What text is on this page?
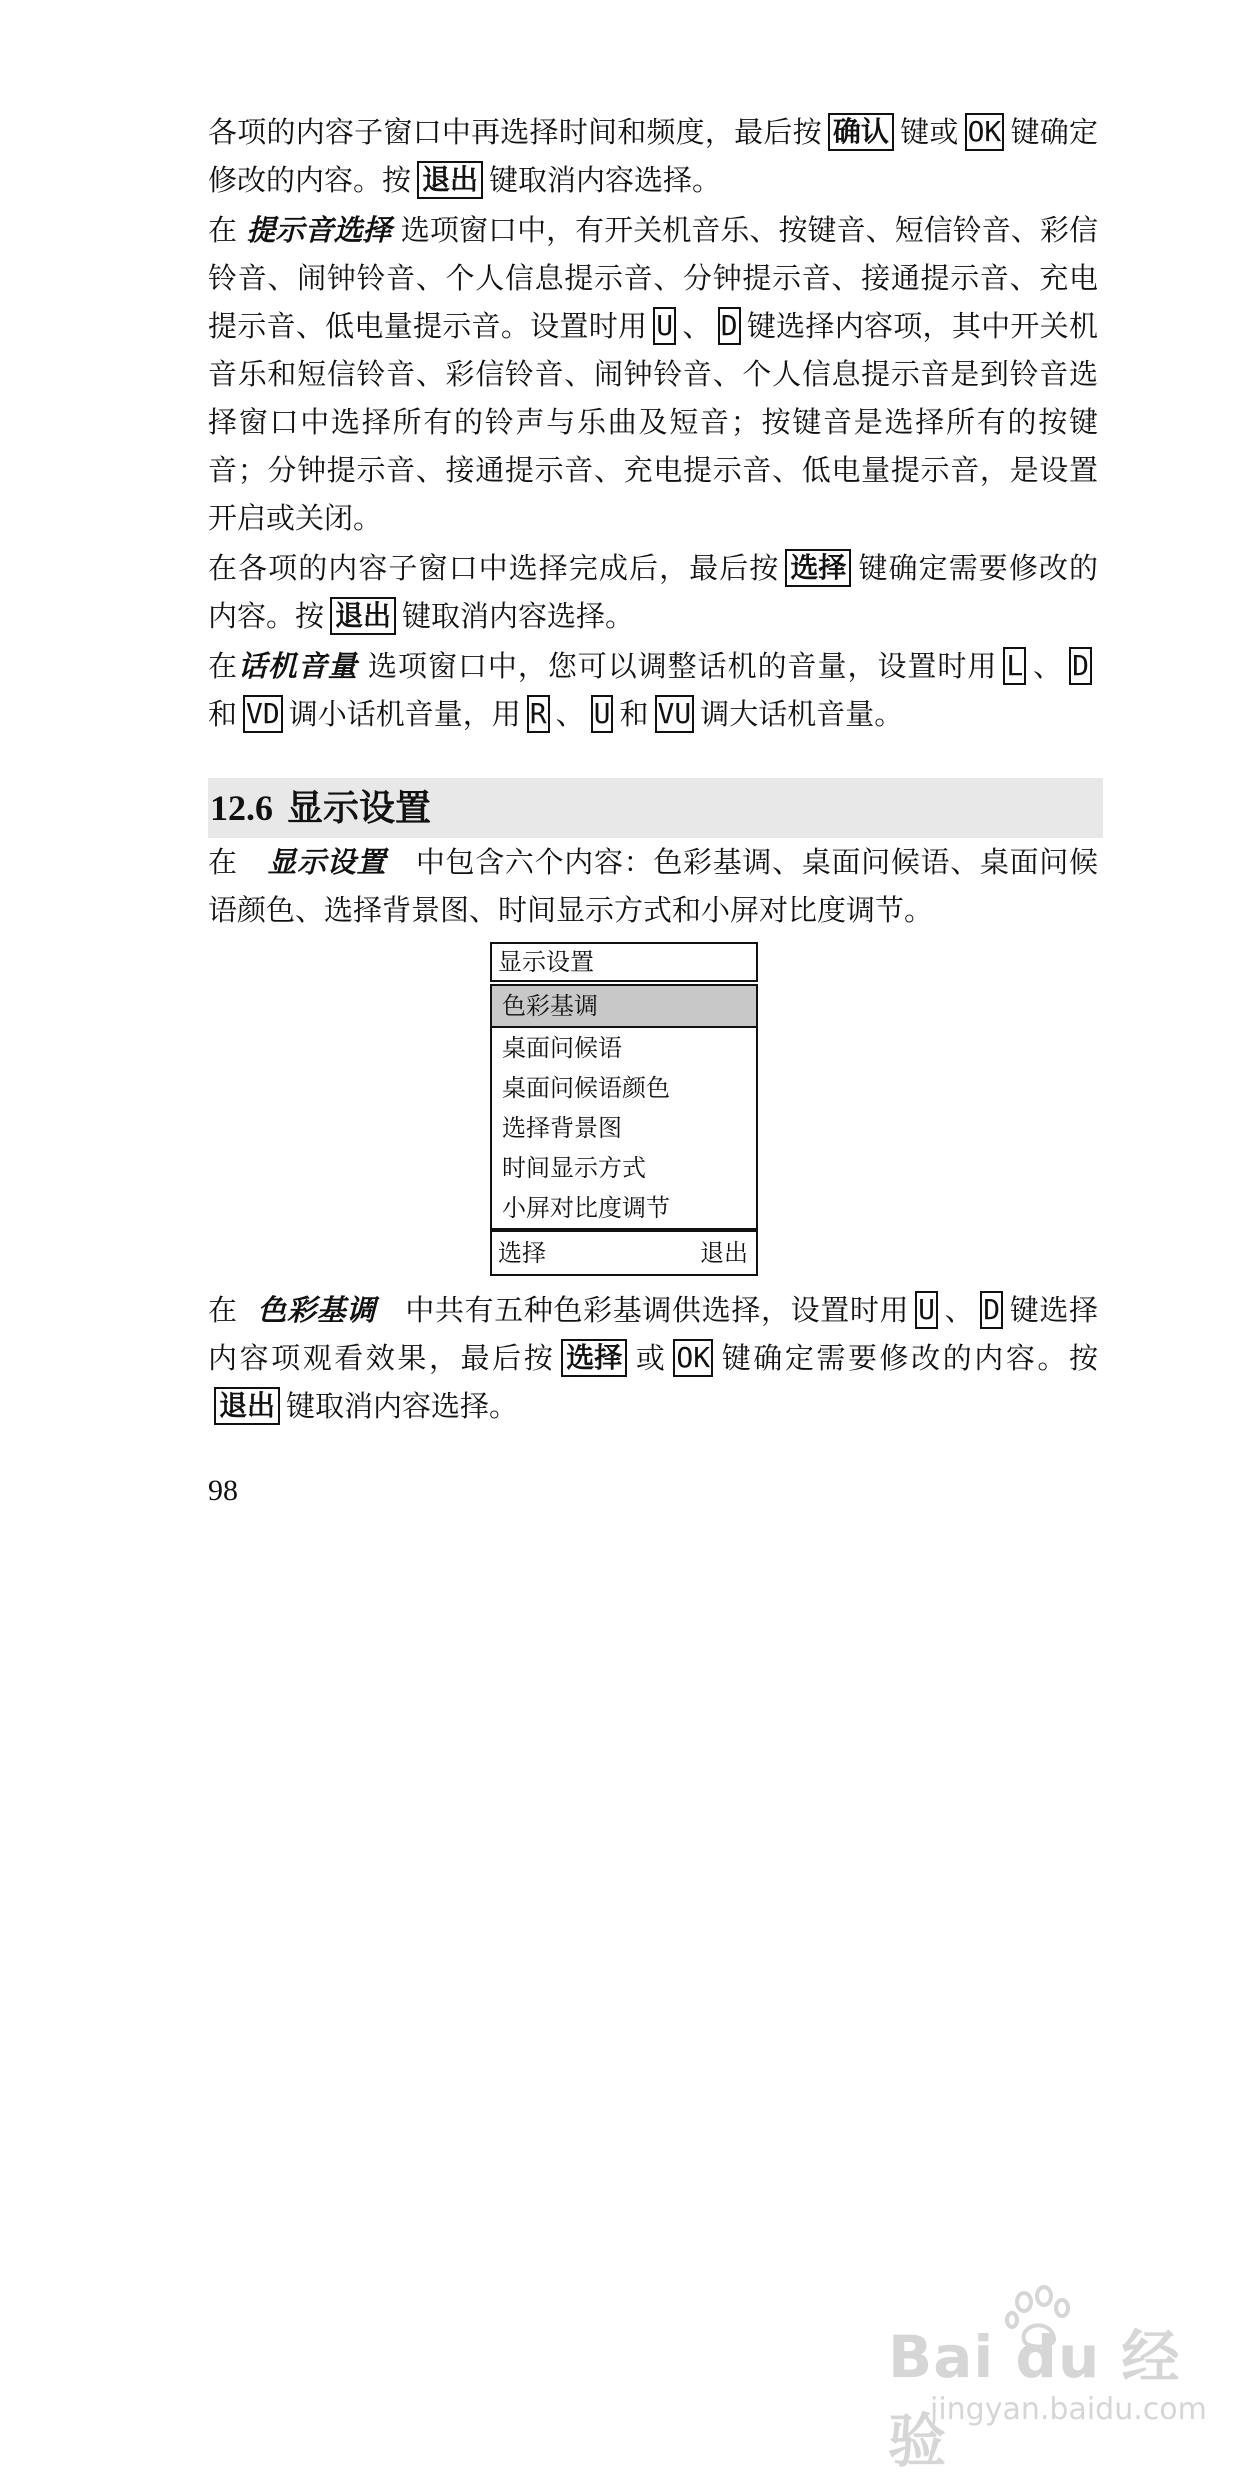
各项的内容子窗口中再选择时间和频度，最后按 确认 键或 OK 键确定修改的内容。按 退出 键取消内容选择。

在 提示音选择 选项窗口中，有开关机音乐、按键音、短信铃音、彩信铃音、闹钟铃音、个人信息提示音、分钟提示音、接通提示音、充电提示音、低电量提示音。设置时用 U 、 D 键选择内容项，其中开关机音乐和短信铃音、彩信铃音、闹钟铃音、个人信息提示音是到铃音选择窗口中选择所有的铃声与乐曲及短音；按键音是选择所有的按键音；分钟提示音、接通提示音、充电提示音、低电量提示音，是设置开启或关闭。

在各项的内容子窗口中选择完成后，最后按 选择 键确定需要修改的内容。按 退出 键取消内容选择。

在话机音量 选项窗口中，您可以调整话机的音量，设置时用 L 、 D和 VD 调小话机音量，用 R 、 U 和 VU 调大话机音量。

12.6 显示设置

在 显示设置 中包含六个内容：色彩基调、桌面问候语、桌面问候语颜色、选择背景图、时间显示方式和小屏对比度调节。

显示设置
色彩基调
桌面问候语
桌面问候语颜色
选择背景图
时间显示方式
小屏对比度调节
选择	退出

在 色彩基调 中共有五种色彩基调供选择，设置时用 U 、 D 键选择内容项观看效果，最后按 选择 或 OK 键确定需要修改的内容。按退出 键取消内容选择。

98
Bai du 经验
jingyan.baidu.com
